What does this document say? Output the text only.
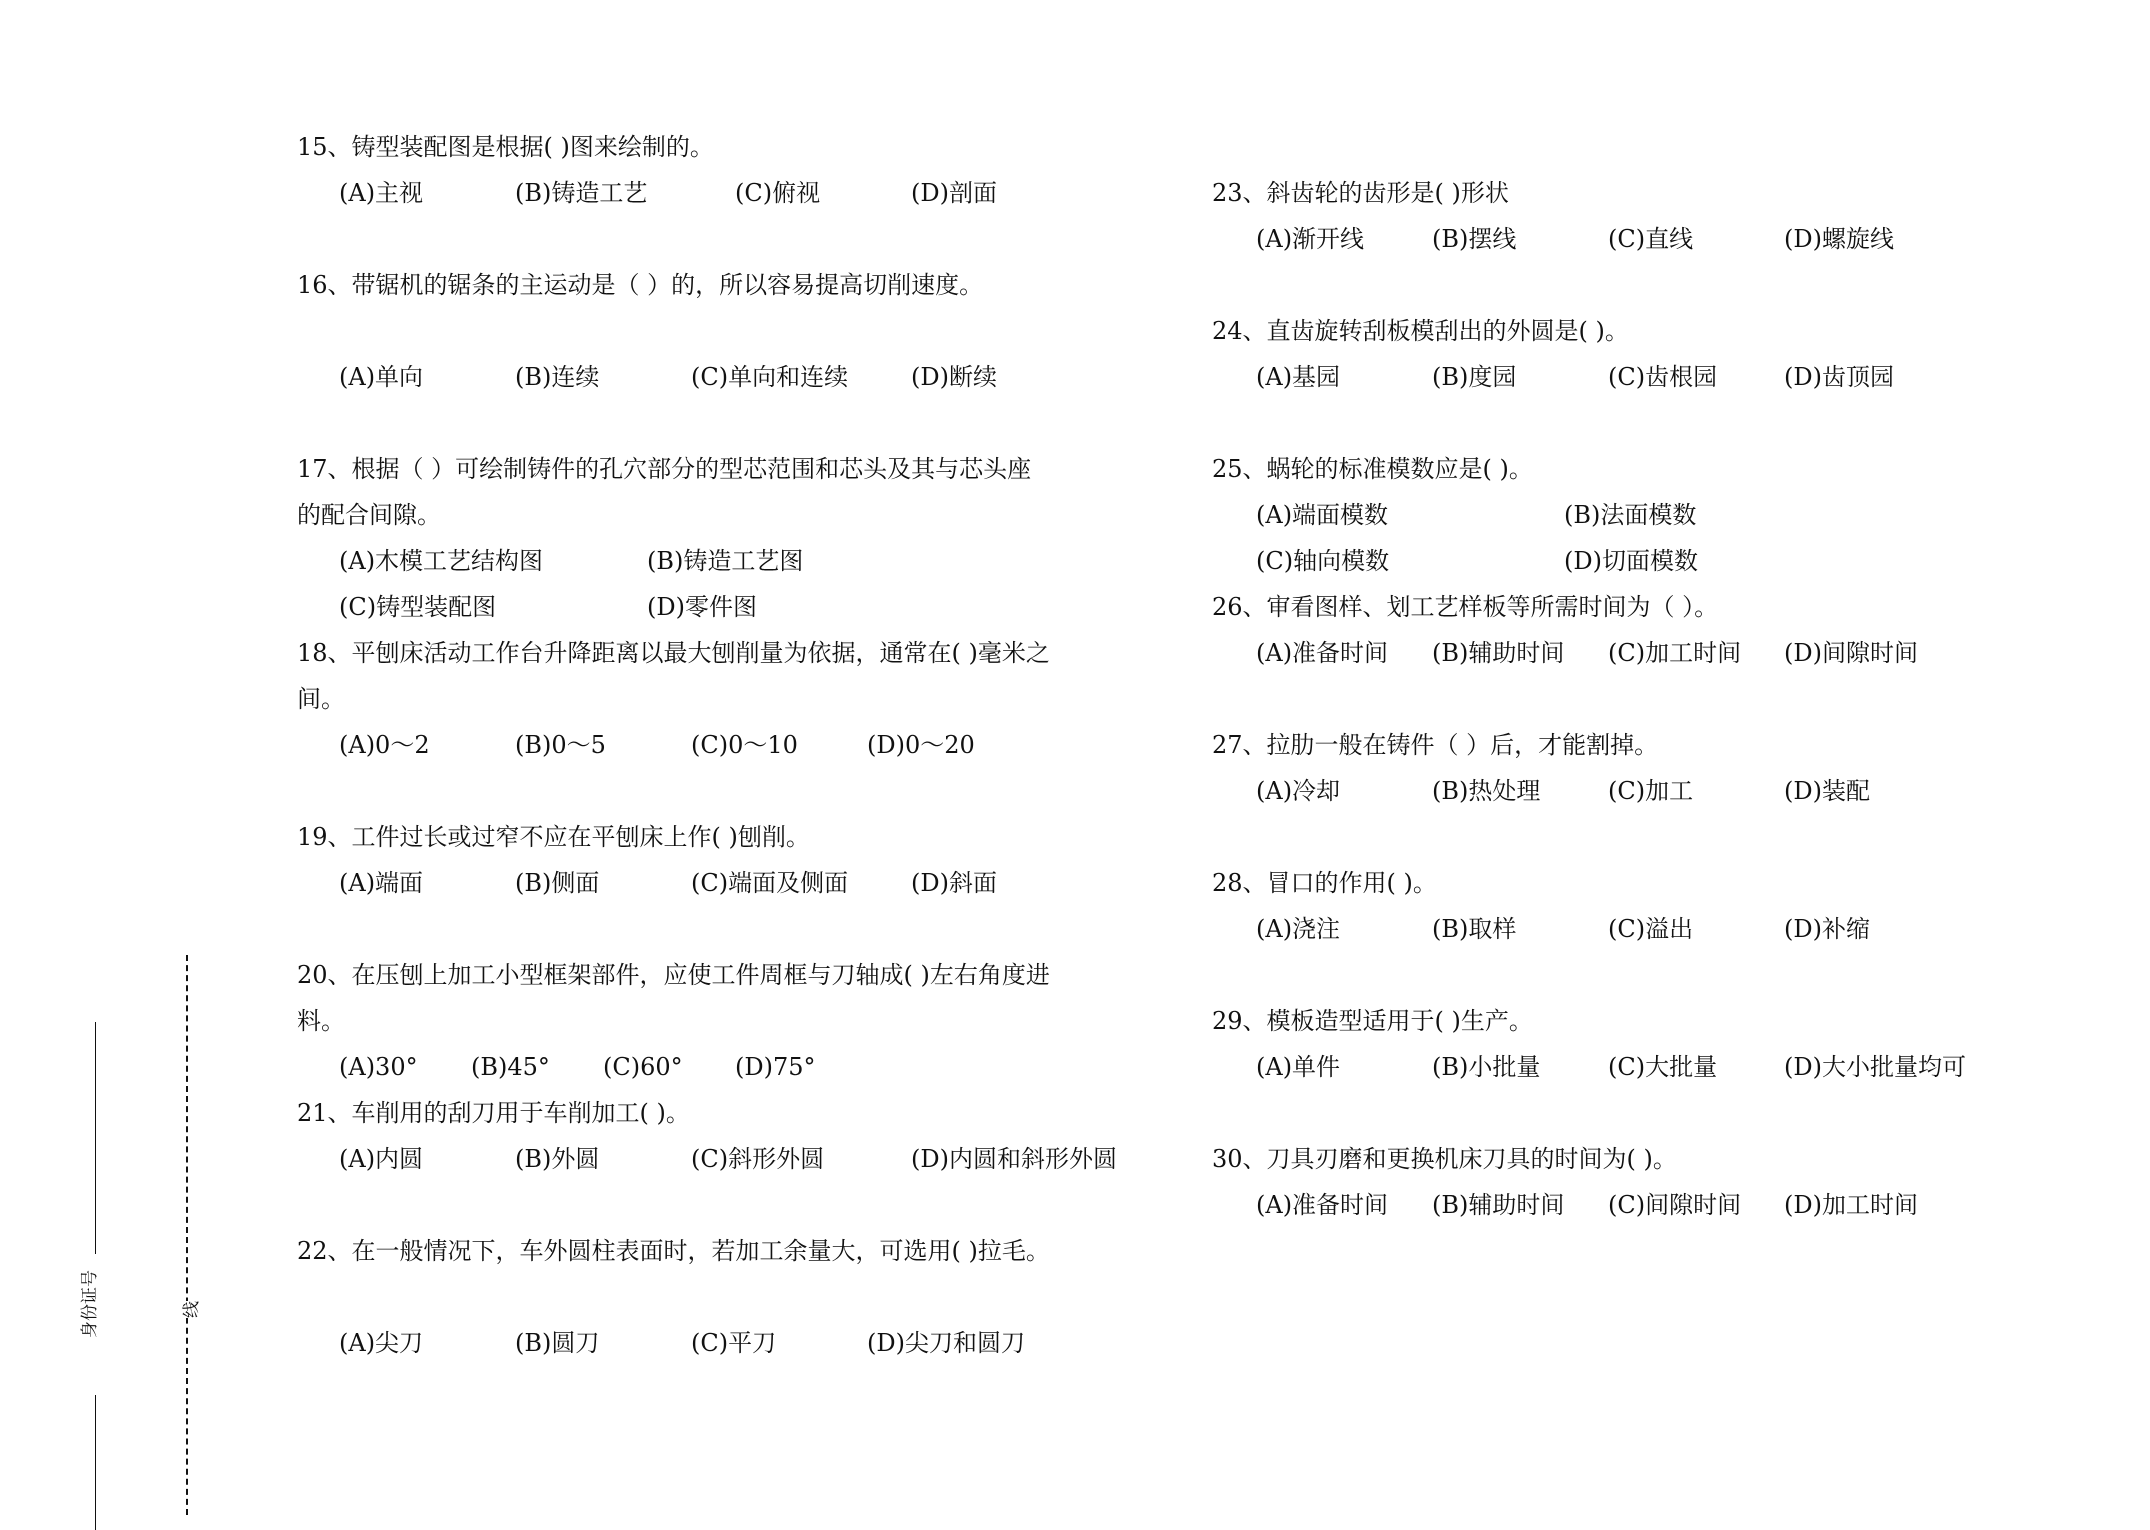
身份证号	线
15、铸型装配图是根据( )图来绘制的。
(A)主视	(B)铸造工艺	(C)俯视	(D)剖面
16、带锯机的锯条的主运动是（ ）的，所以容易提高切削速度。
(A)单向	(B)连续	(C)单向和连续	(D)断续
17、根据（ ）可绘制铸件的孔穴部分的型芯范围和芯头及其与芯头座
的配合间隙。
(A)木模工艺结构图	(B)铸造工艺图
(C)铸型装配图	(D)零件图
18、平刨床活动工作台升降距离以最大刨削量为依据，通常在( )毫米之
间。
(A)0～2	(B)0～5	(C)0～10	(D)0～20
19、工件过长或过窄不应在平刨床上作( )刨削。
(A)端面	(B)侧面	(C)端面及侧面	(D)斜面
20、在压刨上加工小型框架部件，应使工件周框与刀轴成( )左右角度进
料。
(A)30° (B)45° (C)60° (D)75°
21、车削用的刮刀用于车削加工( )。
(A)内圆	(B)外圆	(C)斜形外圆	(D)内圆和斜形外圆
22、在一般情况下，车外圆柱表面时，若加工余量大，可选用( )拉毛。
(A)尖刀	(B)圆刀	(C)平刀	(D)尖刀和圆刀
23、斜齿轮的齿形是( )形状
(A)渐开线	(B)摆线	(C)直线	(D)螺旋线
24、直齿旋转刮板模刮出的外圆是( )。
(A)基园	(B)度园	(C)齿根园	(D)齿顶园
25、蜗轮的标准模数应是( )。
(A)端面模数	(B)法面模数
(C)轴向模数	(D)切面模数
26、审看图样、划工艺样板等所需时间为（ ）。
(A)准备时间 (B)辅助时间 (C)加工时间 (D)间隙时间
27、拉肋一般在铸件（ ）后，才能割掉。
(A)冷却	(B)热处理	(C)加工	(D)装配
28、冒口的作用( )。
(A)浇注	(B)取样	(C)溢出	(D)补缩
29、模板造型适用于( )生产。
(A)单件	(B)小批量	(C)大批量	(D)大小批量均可
30、刀具刃磨和更换机床刀具的时间为( )。
(A)准备时间 (B)辅助时间 (C)间隙时间 (D)加工时间
